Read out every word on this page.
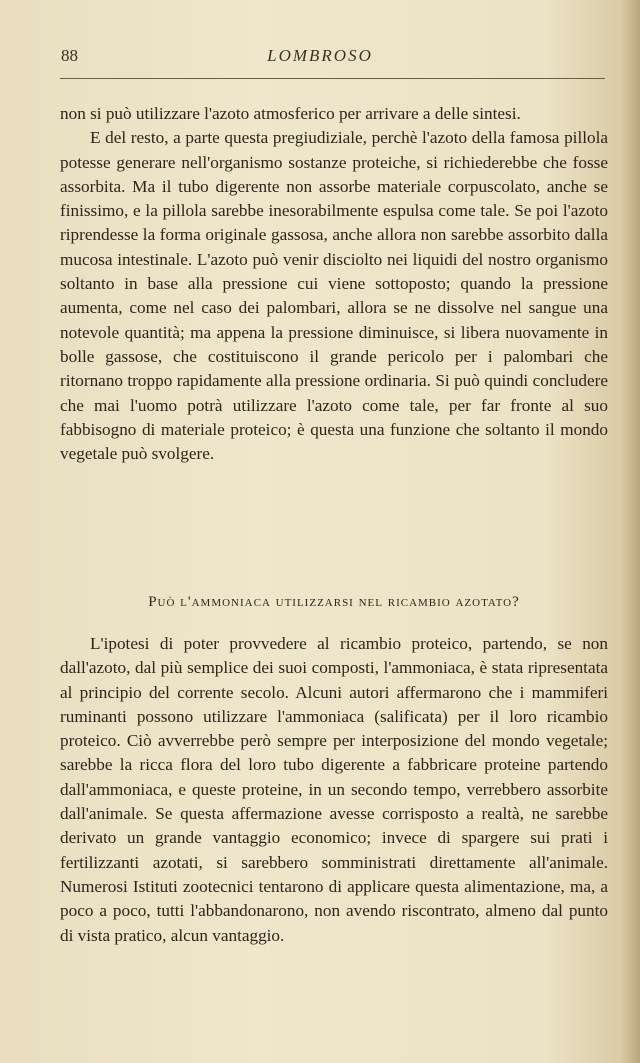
88	LOMBROSO

non si può utilizzare l'azoto atmosferico per arrivare a delle sintesi.

E del resto, a parte questa pregiudiziale, perchè l'azoto della famosa pillola potesse generare nell'organismo sostanze proteiche, si richiederebbe che fosse assorbita. Ma il tubo digerente non assorbe materiale corpuscolato, anche se finissimo, e la pillola sarebbe inesorabilmente espulsa come tale. Se poi l'azoto riprendesse la forma originale gassosa, anche allora non sarebbe assorbito dalla mucosa intestinale. L'azoto può venir disciolto nei liquidi del nostro organismo soltanto in base alla pressione cui viene sottoposto; quando la pressione aumenta, come nel caso dei palombari, allora se ne dissolve nel sangue una notevole quantità; ma appena la pressione diminuisce, si libera nuovamente in bolle gassose, che costituiscono il grande pericolo per i palombari che ritornano troppo rapidamente alla pressione ordinaria. Si può quindi concludere che mai l'uomo potrà utilizzare l'azoto come tale, per far fronte al suo fabbisogno di materiale proteico; è questa una funzione che soltanto il mondo vegetale può svolgere.

Può l'ammoniaca utilizzarsi nel ricambio azotato?

L'ipotesi di poter provvedere al ricambio proteico, partendo, se non dall'azoto, dal più semplice dei suoi composti, l'ammoniaca, è stata ripresentata al principio del corrente secolo. Alcuni autori affermarono che i mammiferi ruminanti possono utilizzare l'ammoniaca (salificata) per il loro ricambio proteico. Ciò avverrebbe però sempre per interposizione del mondo vegetale; sarebbe la ricca flora del loro tubo digerente a fabbricare proteine partendo dall'ammoniaca, e queste proteine, in un secondo tempo, verrebbero assorbite dall'animale. Se questa affermazione avesse corrisposto a realtà, ne sarebbe derivato un grande vantaggio economico; invece di spargere sui prati i fertilizzanti azotati, si sarebbero somministrati direttamente all'animale. Numerosi Istituti zootecnici tentarono di applicare questa alimentazione, ma, a poco a poco, tutti l'abbandonarono, non avendo riscontrato, almeno dal punto di vista pratico, alcun vantaggio.
